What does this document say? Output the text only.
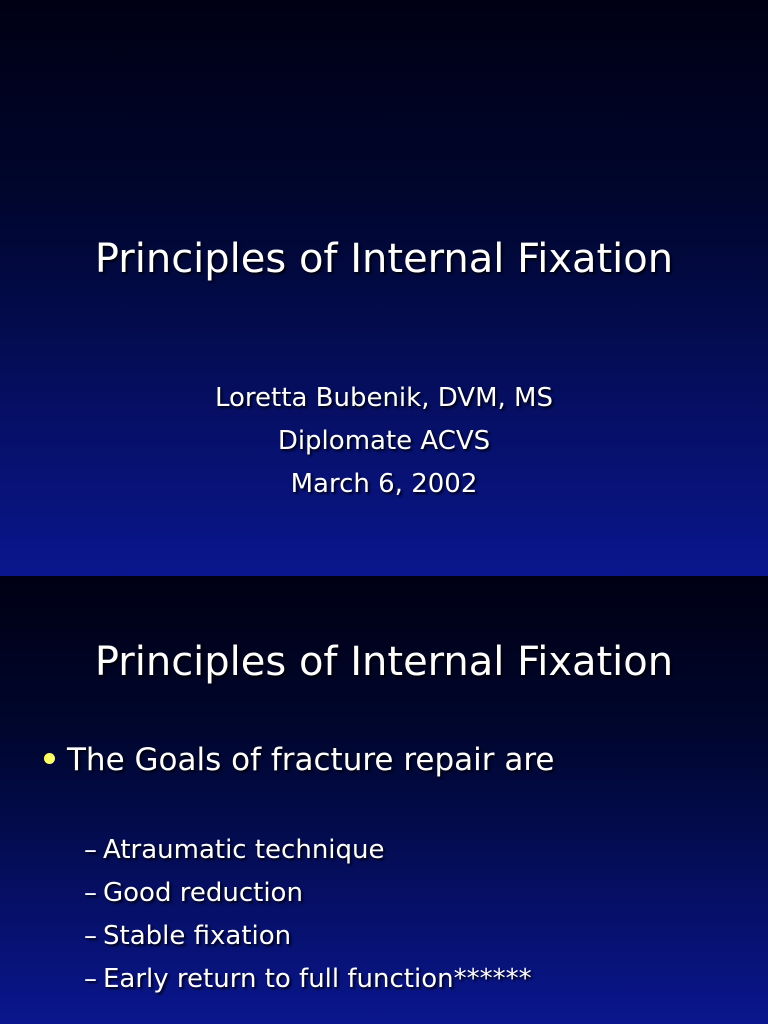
Principles of Internal Fixation
Loretta Bubenik, DVM, MS
Diplomate ACVS
March 6, 2002
Principles of Internal Fixation
The Goals of fracture repair are
– Atraumatic technique
– Good reduction
– Stable fixation
– Early return to full function******
